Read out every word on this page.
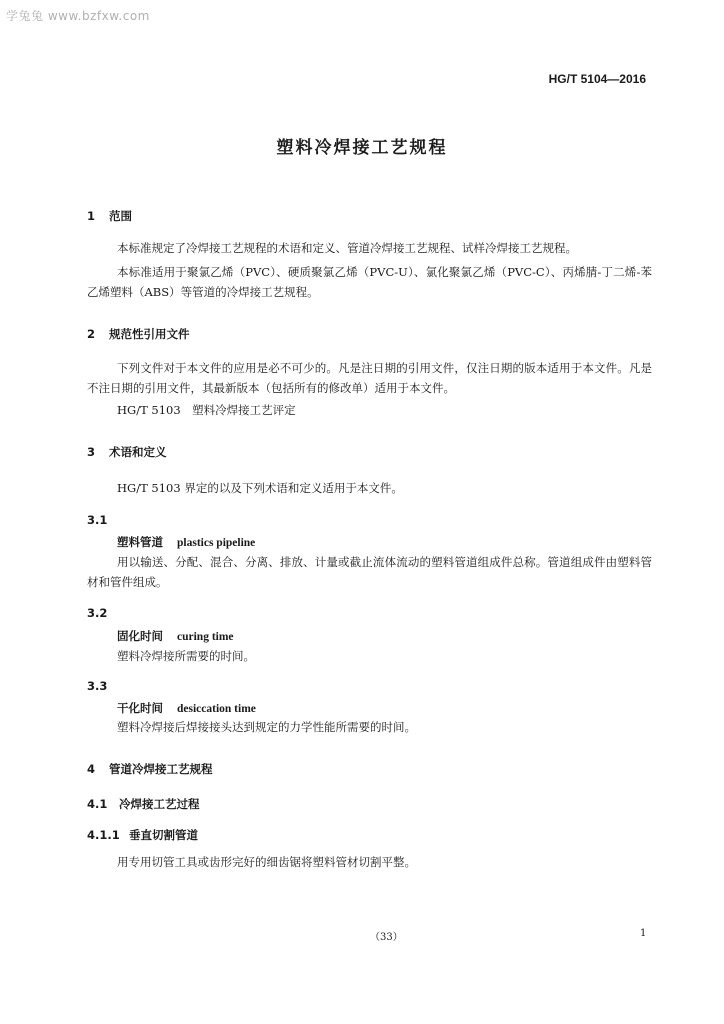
学兔兔 www.bzfxw.com
HG/T 5104—2016
塑料冷焊接工艺规程
1 范围
本标准规定了冷焊接工艺规程的术语和定义、管道冷焊接工艺规程、试样冷焊接工艺规程。
本标准适用于聚氯乙烯（PVC）、硬质聚氯乙烯（PVC-U）、氯化聚氯乙烯（PVC-C）、丙烯腈-丁二烯-苯乙烯塑料（ABS）等管道的冷焊接工艺规程。
2 规范性引用文件
下列文件对于本文件的应用是必不可少的。凡是注日期的引用文件，仅注日期的版本适用于本文件。凡是不注日期的引用文件，其最新版本（包括所有的修改单）适用于本文件。
HG/T 5103　塑料冷焊接工艺评定
3 术语和定义
HG/T 5103 界定的以及下列术语和定义适用于本文件。
3.1
塑料管道 plastics pipeline
用以输送、分配、混合、分离、排放、计量或截止流体流动的塑料管道组成件总称。管道组成件由塑料管材和管件组成。
3.2
固化时间 curing time
塑料冷焊接所需要的时间。
3.3
干化时间 desiccation time
塑料冷焊接后焊接接头达到规定的力学性能所需要的时间。
4 管道冷焊接工艺规程
4.1 冷焊接工艺过程
4.1.1 垂直切割管道
用专用切管工具或齿形完好的细齿锯将塑料管材切割平整。
（33）	1
